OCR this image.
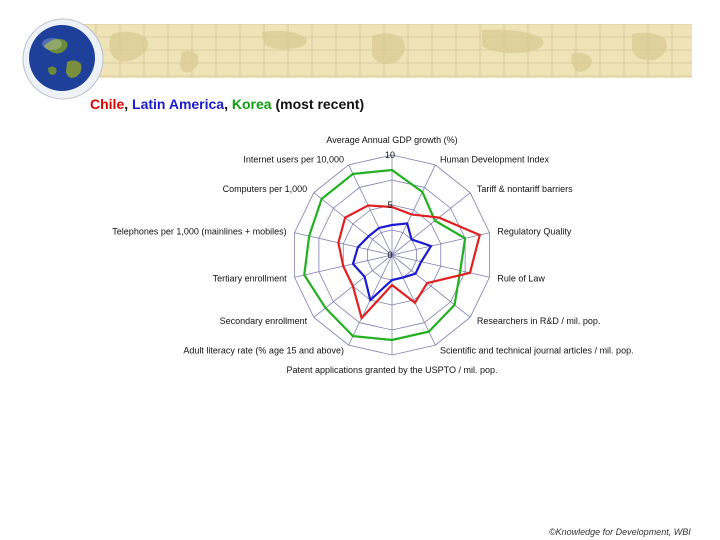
Chile, Latin America, Korea (most recent)
10
5
0
Average Annual GDP growth (%)
Human Development Index
Tariff & nontariff barriers
Regulatory Quality
Rule of Law
Researchers in R&D / mil. pop.
Scientific and technical journal articles / mil. pop.
Patent applications granted by the USPTO / mil. pop.
Adult literacy rate (% age 15 and above)
Secondary enrollment
Tertiary enrollment
Telephones per 1,000 (mainlines + mobiles)
Computers per 1,000
Internet users per 10,000
©Knowledge for Development, WBI
